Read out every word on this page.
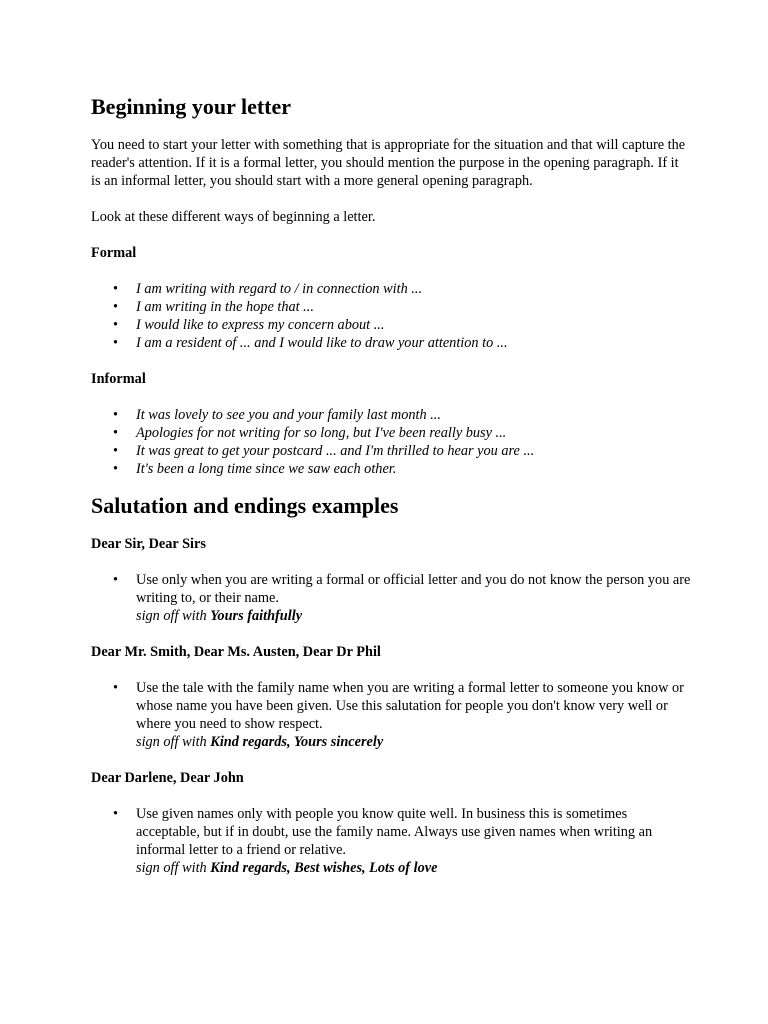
Beginning your letter

You need to start your letter with something that is appropriate for the situation and that will capture the reader's attention. If it is a formal letter, you should mention the purpose in the opening paragraph. If it is an informal letter, you should start with a more general opening paragraph.

Look at these different ways of beginning a letter.

Formal

• I am writing with regard to / in connection with ...
• I am writing in the hope that ...
• I would like to express my concern about ...
• I am a resident of ... and I would like to draw your attention to ...

Informal

• It was lovely to see you and your family last month ...
• Apologies for not writing for so long, but I've been really busy ...
• It was great to get your postcard ... and I'm thrilled to hear you are ...
• It's been a long time since we saw each other.
Salutation and endings examples

Dear Sir, Dear Sirs

• Use only when you are writing a formal or official letter and you do not know the person you are writing to, or their name.
sign off with Yours faithfully

Dear Mr. Smith, Dear Ms. Austen, Dear Dr Phil

• Use the tale with the family name when you are writing a formal letter to someone you know or whose name you have been given. Use this salutation for people you don't know very well or where you need to show respect.
sign off with Kind regards, Yours sincerely

Dear Darlene, Dear John

• Use given names only with people you know quite well. In business this is sometimes acceptable, but if in doubt, use the family name. Always use given names when writing an informal letter to a friend or relative.
sign off with Kind regards, Best wishes, Lots of love
